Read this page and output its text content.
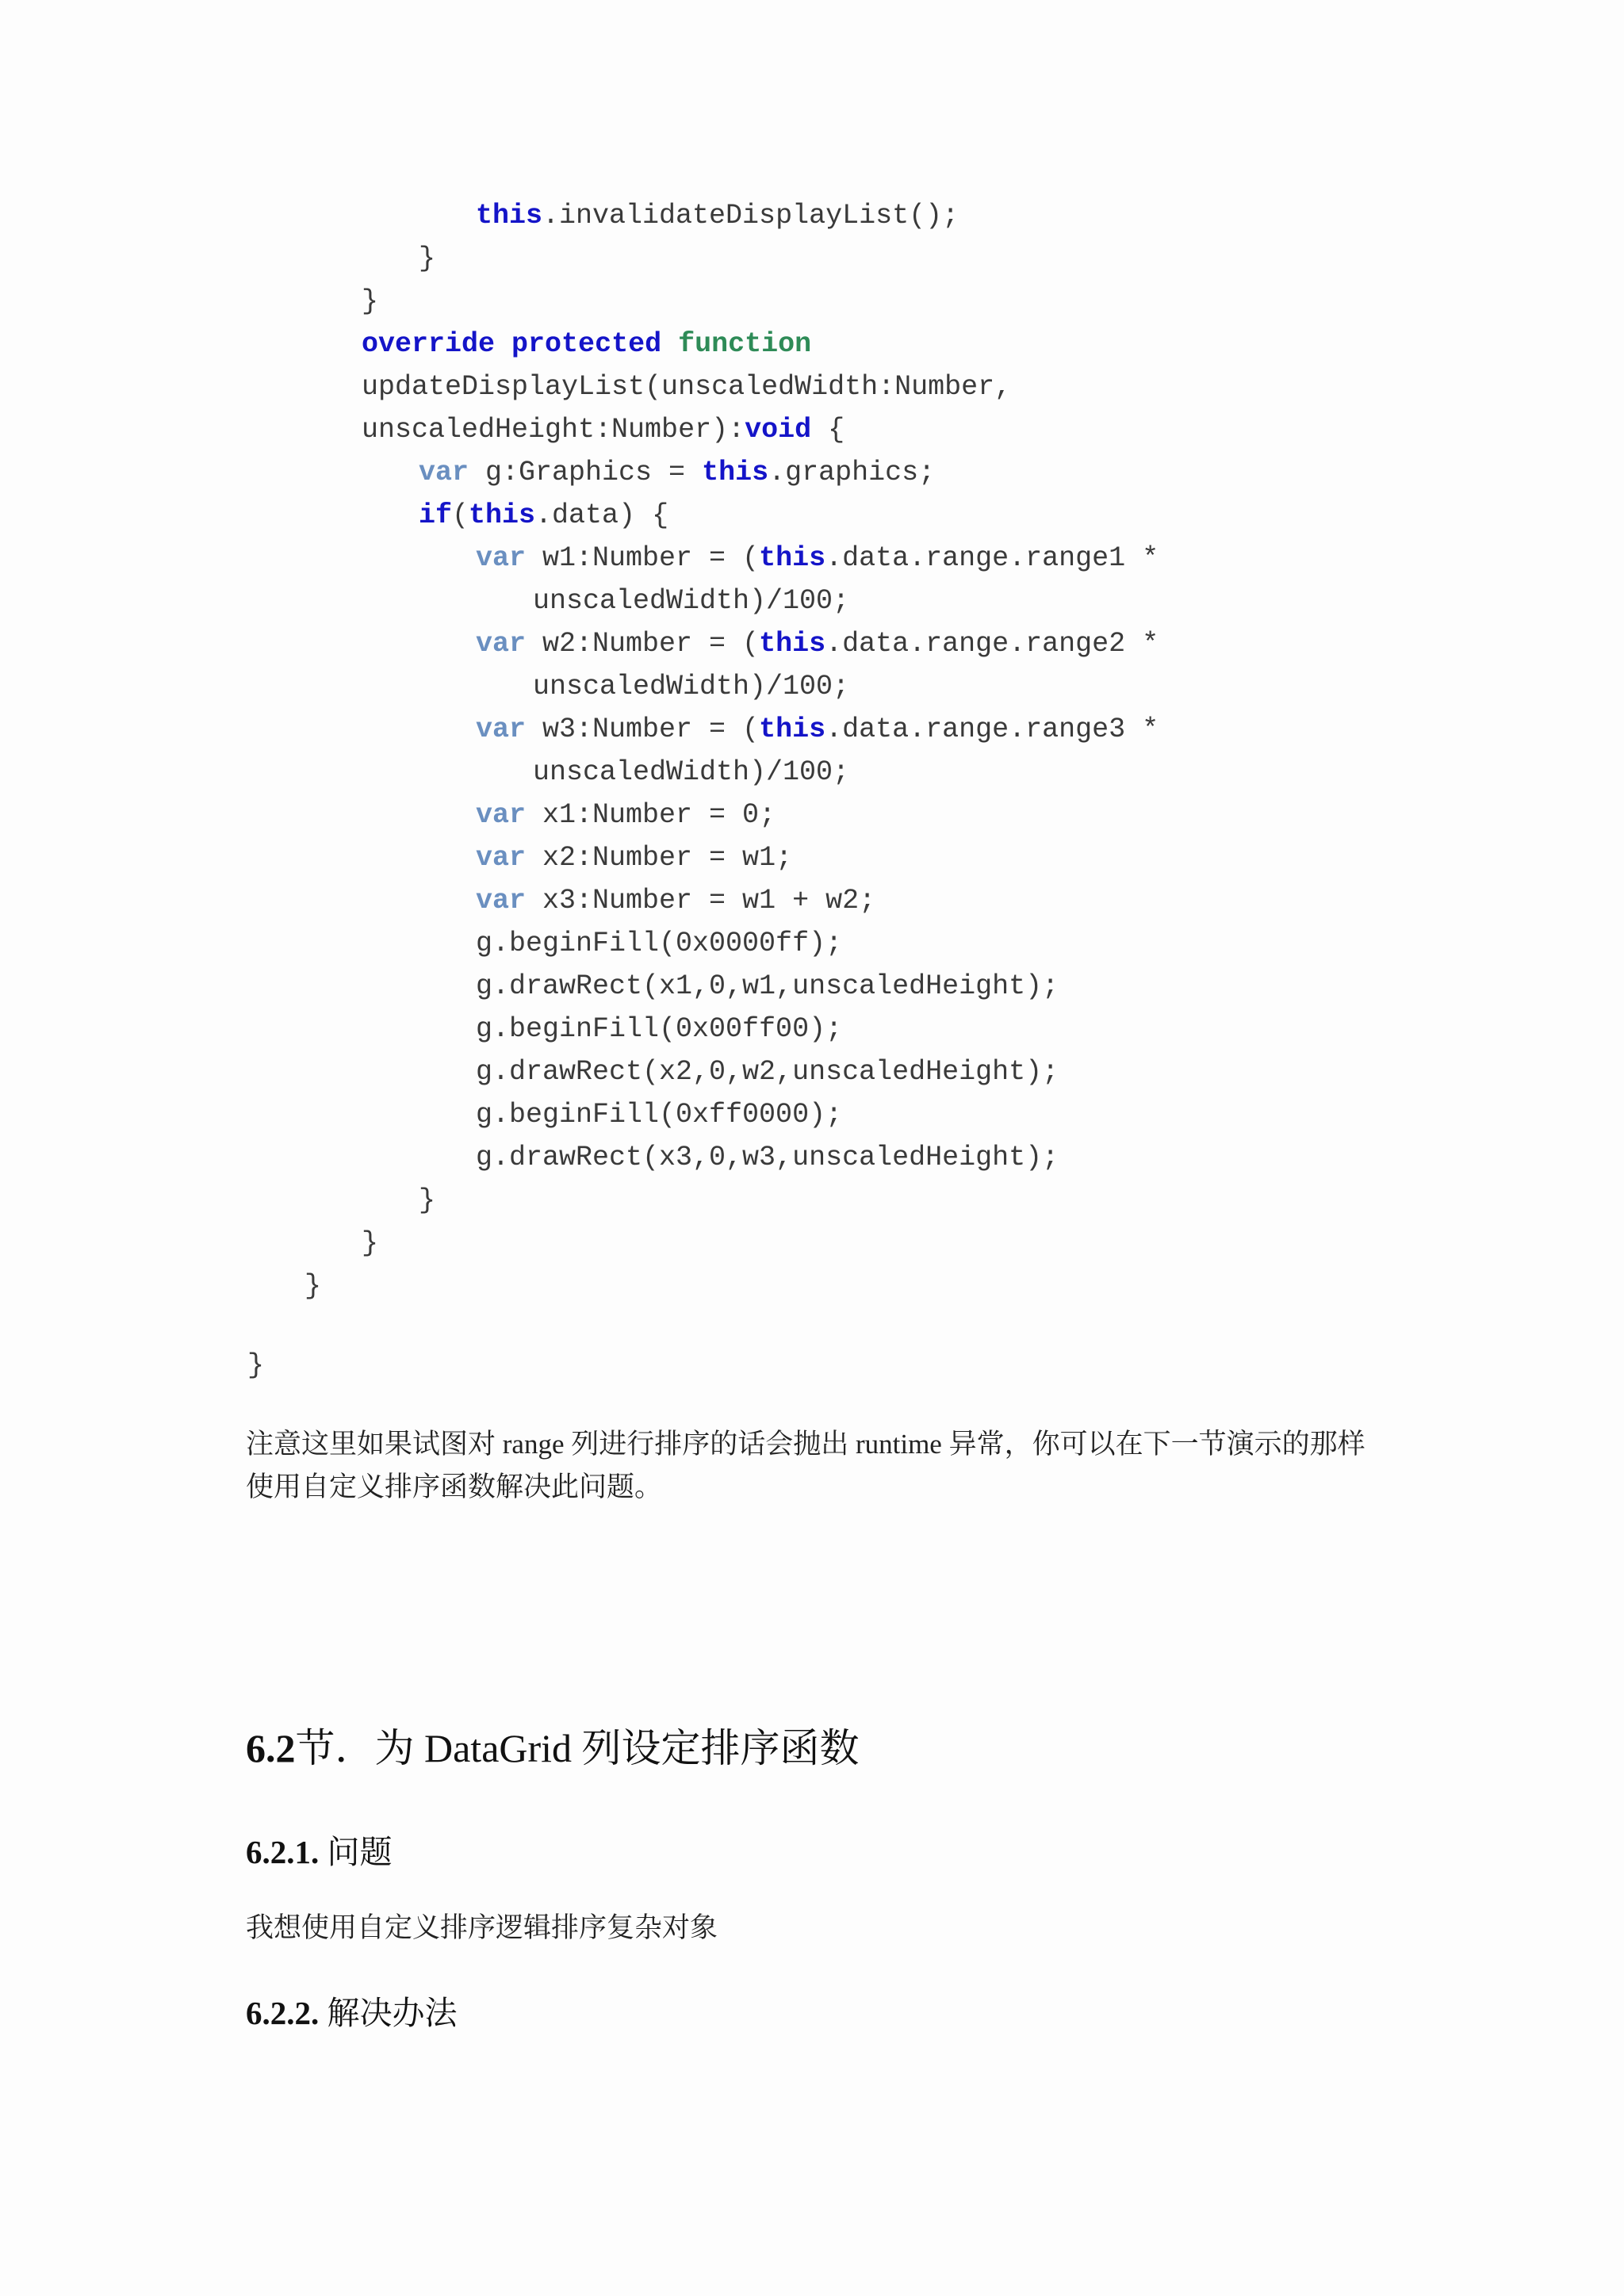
this.invalidateDisplayList();
}
}
override protected function
updateDisplayList(unscaledWidth:Number,
unscaledHeight:Number):void {
var g:Graphics = this.graphics;
if(this.data) {
var w1:Number = (this.data.range.range1 *
unscaledWidth)/100;
var w2:Number = (this.data.range.range2 *
unscaledWidth)/100;
var w3:Number = (this.data.range.range3 *
unscaledWidth)/100;
var x1:Number = 0;
var x2:Number = w1;
var x3:Number = w1 + w2;
g.beginFill(0x0000ff);
g.drawRect(x1,0,w1,unscaledHeight);
g.beginFill(0x00ff00);
g.drawRect(x2,0,w2,unscaledHeight);
g.beginFill(0xff0000);
g.drawRect(x3,0,w3,unscaledHeight);
}
}
}
}
注意这里如果试图对 range 列进行排序的话会抛出 runtime 异常，你可以在下一节演示的那样使用自定义排序函数解决此问题。
6.2节．为 DataGrid 列设定排序函数
6.2.1. 问题
我想使用自定义排序逻辑排序复杂对象
6.2.2. 解决办法
